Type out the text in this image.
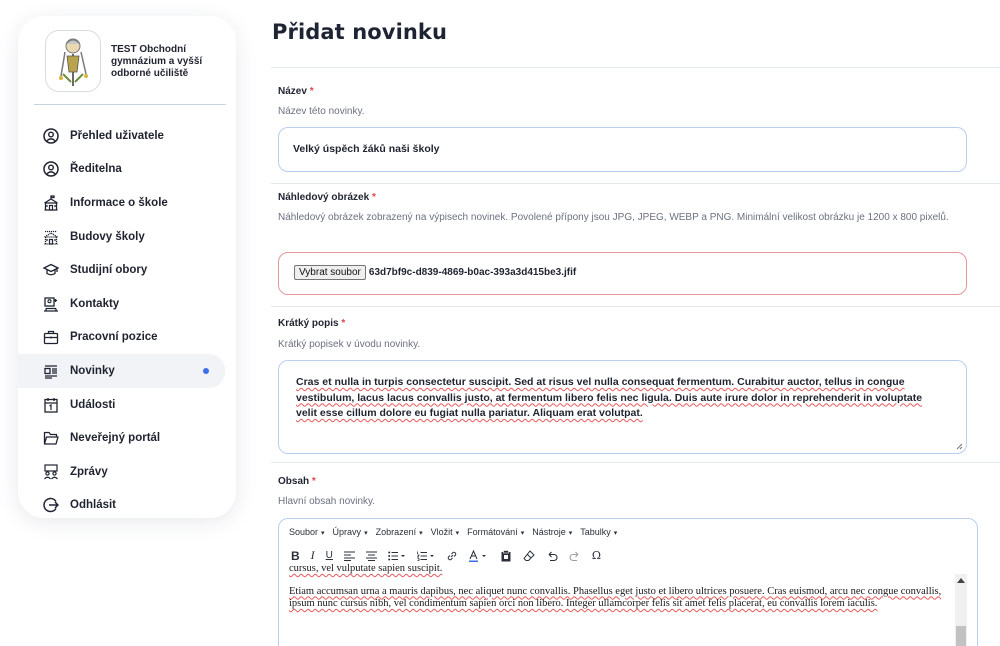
TEST Obchodní gymnázium a vyšší odborné učiliště
Přehled uživatele
Ředitelna
Informace o škole
Budovy školy
Studijní obory
Kontakty
Pracovní pozice
Novinky
Události
Neveřejný portál
Zprávy
Odhlásit
Přidat novinku
Název *
Název této novinky.
Velký úspěch žáků naši školy
Náhledový obrázek *
Náhledový obrázek zobrazený na výpisech novinek. Povolené přípony jsou JPG, JPEG, WEBP a PNG. Minimální velikost obrázku je 1200 x 800 pixelů.
Vybrat soubor 63d7bf9c-d839-4869-b0ac-393a3d415be3.jfif
Krátký popis *
Krátký popisek v úvodu novinky.
Cras et nulla in turpis consectetur suscipit. Sed at risus vel nulla consequat fermentum. Curabitur auctor, tellus in congue vestibulum, lacus lacus convallis justo, at fermentum libero felis nec ligula. Duis aute irure dolor in reprehenderit in voluptate velit esse cillum dolore eu fugiat nulla pariatur. Aliquam erat volutpat.
Obsah *
Hlavní obsah novinky.
Soubor ▾ Úpravy ▾ Zobrazení ▾ Vložit ▾ Formátování ▾ Nástroje ▾ Tabulky ▾
B I U	Ω

cursus, vel vulputate sapien suscipit.

Etiam accumsan urna a mauris dapibus, nec aliquet nunc convallis. Phasellus eget justo et libero ultrices posuere. Cras euismod, arcu nec congue convallis, ipsum nunc cursus nibh, vel condimentum sapien orci non libero. Integer ullamcorper felis sit amet felis placerat, eu convallis lorem iaculis.
